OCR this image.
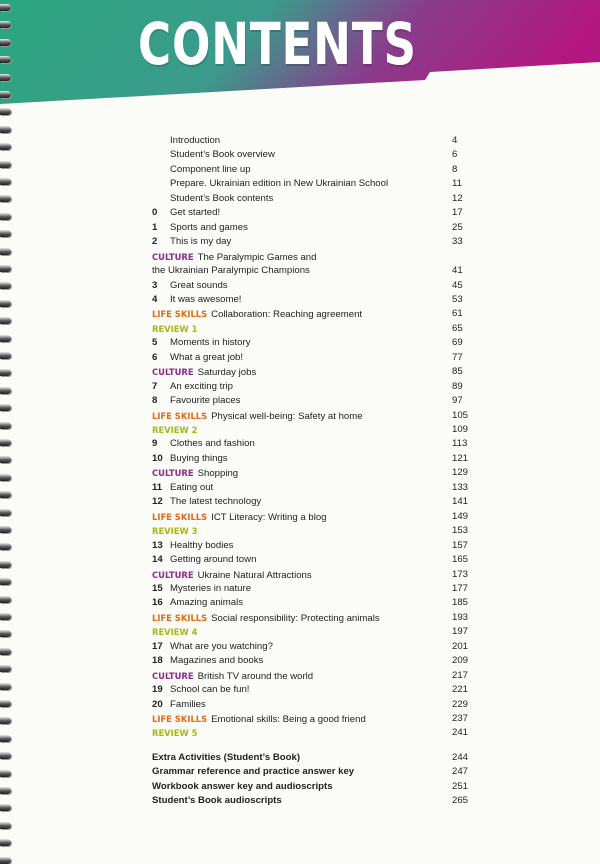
CONTENTS
Introduction	4
Student’s Book overview	6
Component line up	8
Prepare. Ukrainian edition in New Ukrainian School	11
Student’s Book contents	12
0 Get started!	17
1 Sports and games	25
2 This is my day	33
CULTURE The Paralympic Games and
the Ukrainian Paralympic Champions	41
3 Great sounds	45
4 It was awesome!	53
LIFE SKILLS Collaboration: Reaching agreement	61
REVIEW 1	65
5 Moments in history	69
6 What a great job!	77
CULTURE Saturday jobs	85
7 An exciting trip	89
8 Favourite places	97
LIFE SKILLS Physical well-being: Safety at home	105
REVIEW 2	109
9 Clothes and fashion	113
10 Buying things	121
CULTURE Shopping	129
11 Eating out	133
12 The latest technology	141
LIFE SKILLS ICT Literacy: Writing a blog	149
REVIEW 3	153
13 Healthy bodies	157
14 Getting around town	165
CULTURE Ukraine Natural Attractions	173
15 Mysteries in nature	177
16 Amazing animals	185
LIFE SKILLS Social responsibility: Protecting animals	193
REVIEW 4	197
17 What are you watching?	201
18 Magazines and books	209
CULTURE British TV around the world	217
19 School can be fun!	221
20 Families	229
LIFE SKILLS Emotional skills: Being a good friend	237
REVIEW 5	241
Extra Activities (Student’s Book)	244
Grammar reference and practice answer key	247
Workbook answer key and audioscripts	251
Student’s Book audioscripts	265
